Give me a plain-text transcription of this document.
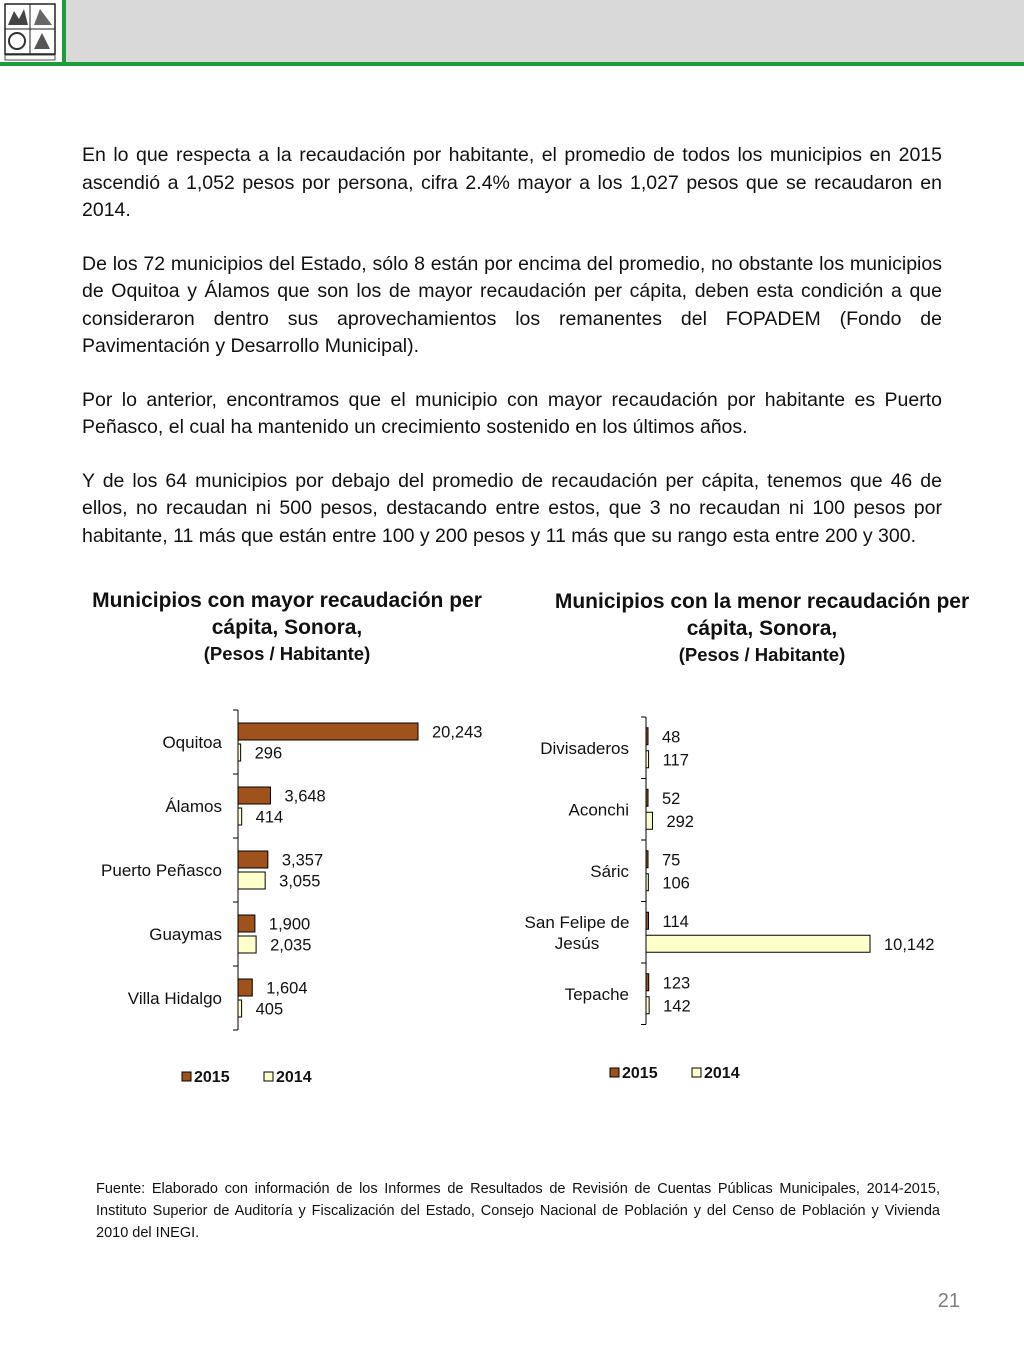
En lo que respecta a la recaudación por habitante, el promedio de todos los municipios en 2015 ascendió a 1,052 pesos por persona, cifra 2.4% mayor a los 1,027 pesos que se recaudaron en 2014.

De los 72 municipios del Estado, sólo 8 están por encima del promedio, no obstante los municipios de Oquitoa y Álamos que son los de mayor recaudación per cápita, deben esta condición a que consideraron dentro sus aprovechamientos los remanentes del FOPADEM (Fondo de Pavimentación y Desarrollo Municipal).

Por lo anterior, encontramos que el municipio con mayor recaudación por habitante es Puerto Peñasco, el cual ha mantenido un crecimiento sostenido en los últimos años.

Y de los 64 municipios por debajo del promedio de recaudación per cápita, tenemos que 46 de ellos, no recaudan ni 500 pesos, destacando entre estos, que 3 no recaudan ni 100 pesos por habitante, 11 más que están entre 100 y 200 pesos y 11 más que su rango esta entre 200 y 300.

Municipios con mayor recaudación per cápita, Sonora,
(Pesos / Habitante)
Municipios con la menor recaudación per cápita, Sonora,
(Pesos / Habitante)
Oquitoa
20,243
296
Álamos
3,648
414
Puerto Peñasco
3,357
3,055
Guaymas
1,900
2,035
Villa Hidalgo
1,604
405
2015	2014
Divisaderos
48
117
Aconchi
52
292
Sáric
75
106
San Felipe de Jesús
114
10,142
Tepache
123
142
2015	2014
Fuente: Elaborado con información de los Informes de Resultados de Revisión de Cuentas Públicas Municipales, 2014-2015, Instituto Superior de Auditoría y Fiscalización del Estado, Consejo Nacional de Población y del Censo de Población y Vivienda 2010 del INEGI.
21
